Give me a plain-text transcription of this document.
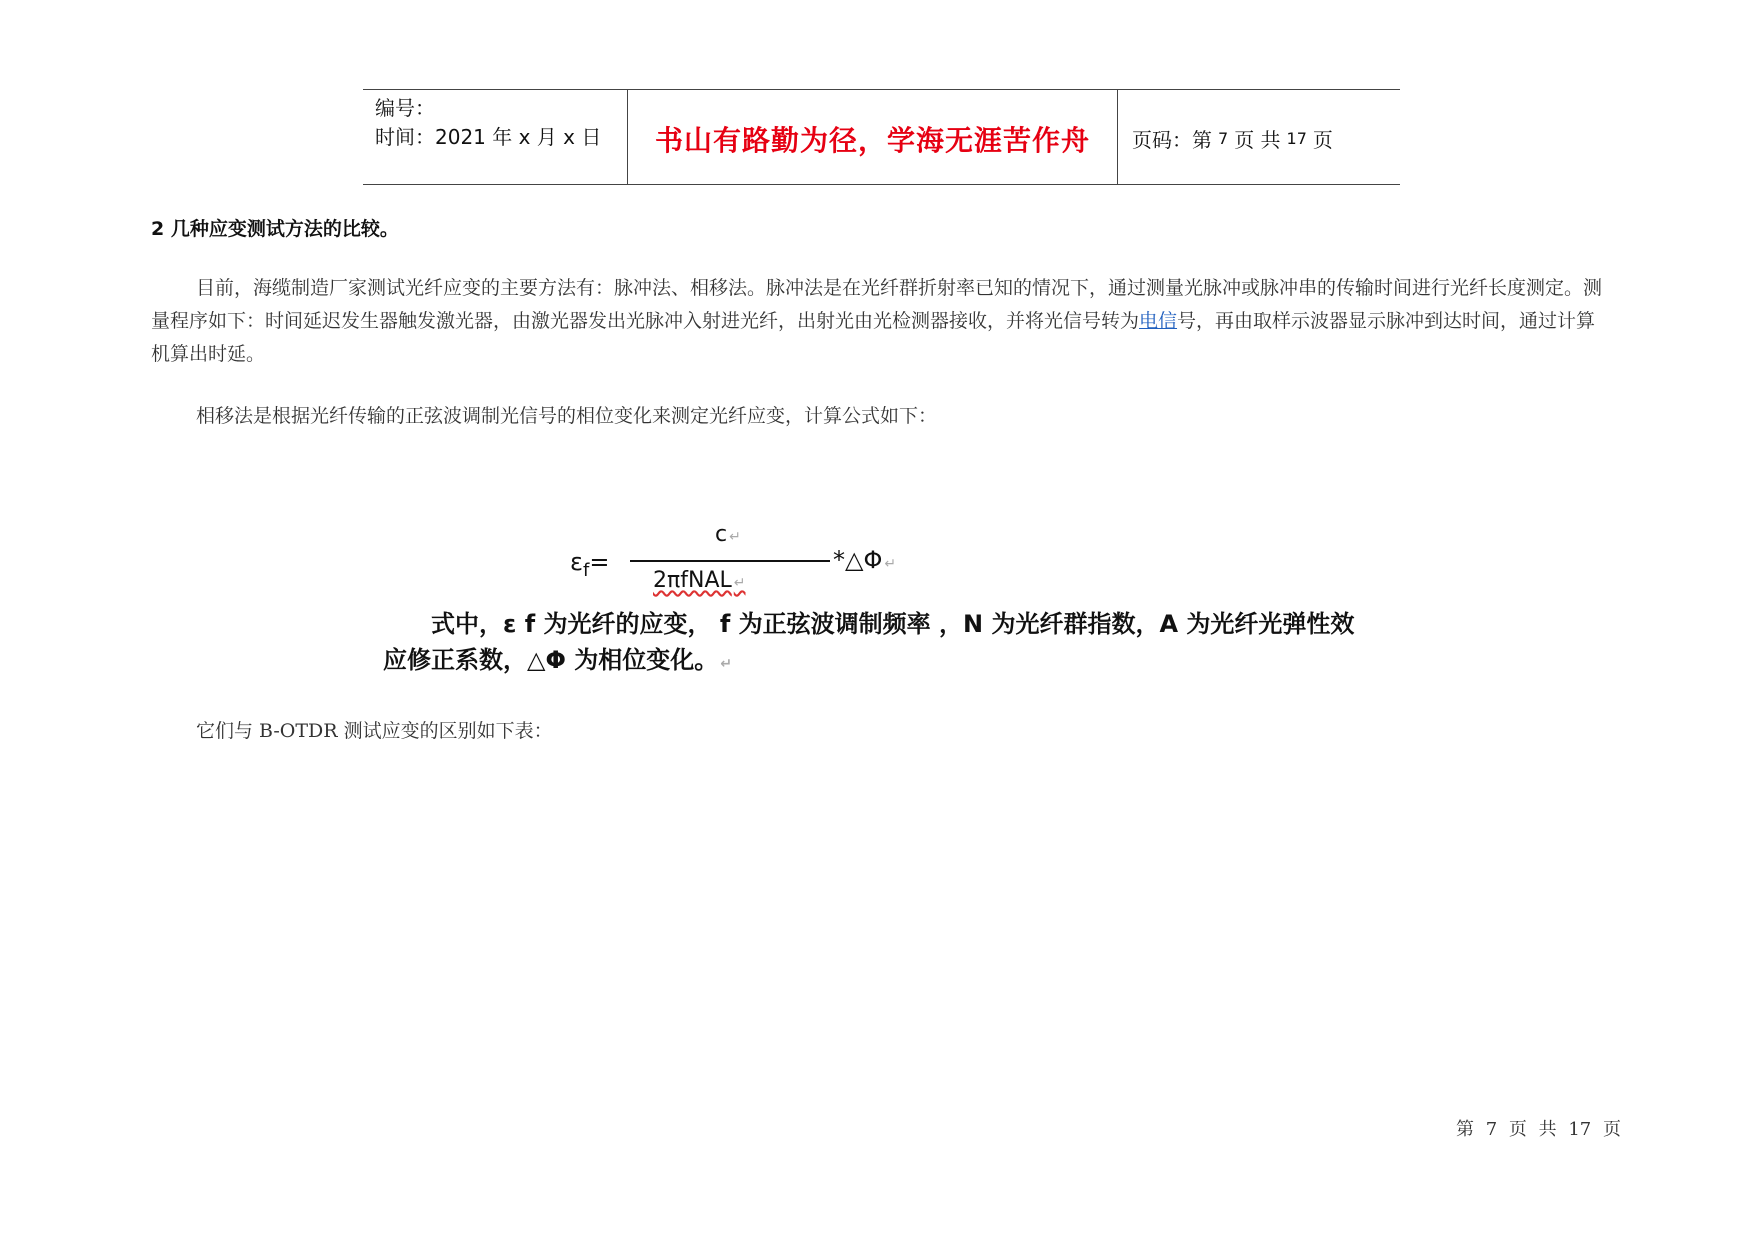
编号：
时间：2021 年 x 月 x 日	书山有路勤为径，学海无涯苦作舟	页码：第 7 页 共 17 页
2 几种应变测试方法的比较。

目前，海缆制造厂家测试光纤应变的主要方法有：脉冲法、相移法。脉冲法是在光纤群折射率已知的情况下，通过测量光脉冲或脉冲串的传输时间进行光纤长度测定。测量程序如下：时间延迟发生器触发激光器，由激光器发出光脉冲入射进光纤，出射光由光检测器接收，并将光信号转为电信号，再由取样示波器显示脉冲到达时间，通过计算机算出时延。

相移法是根据光纤传输的正弦波调制光信号的相位变化来测定光纤应变，计算公式如下：

$\varepsilon_f=$
c ↵
*△Φ ↵
2πfNAL ↵
式中，ε f 为光纤的应变， f 为正弦波调制频率 ，N 为光纤群指数，A 为光纤光弹性效
应修正系数，△Φ 为相位变化。 ↵

它们与 B-OTDR 测试应变的区别如下表：

第 7 页 共 17 页
